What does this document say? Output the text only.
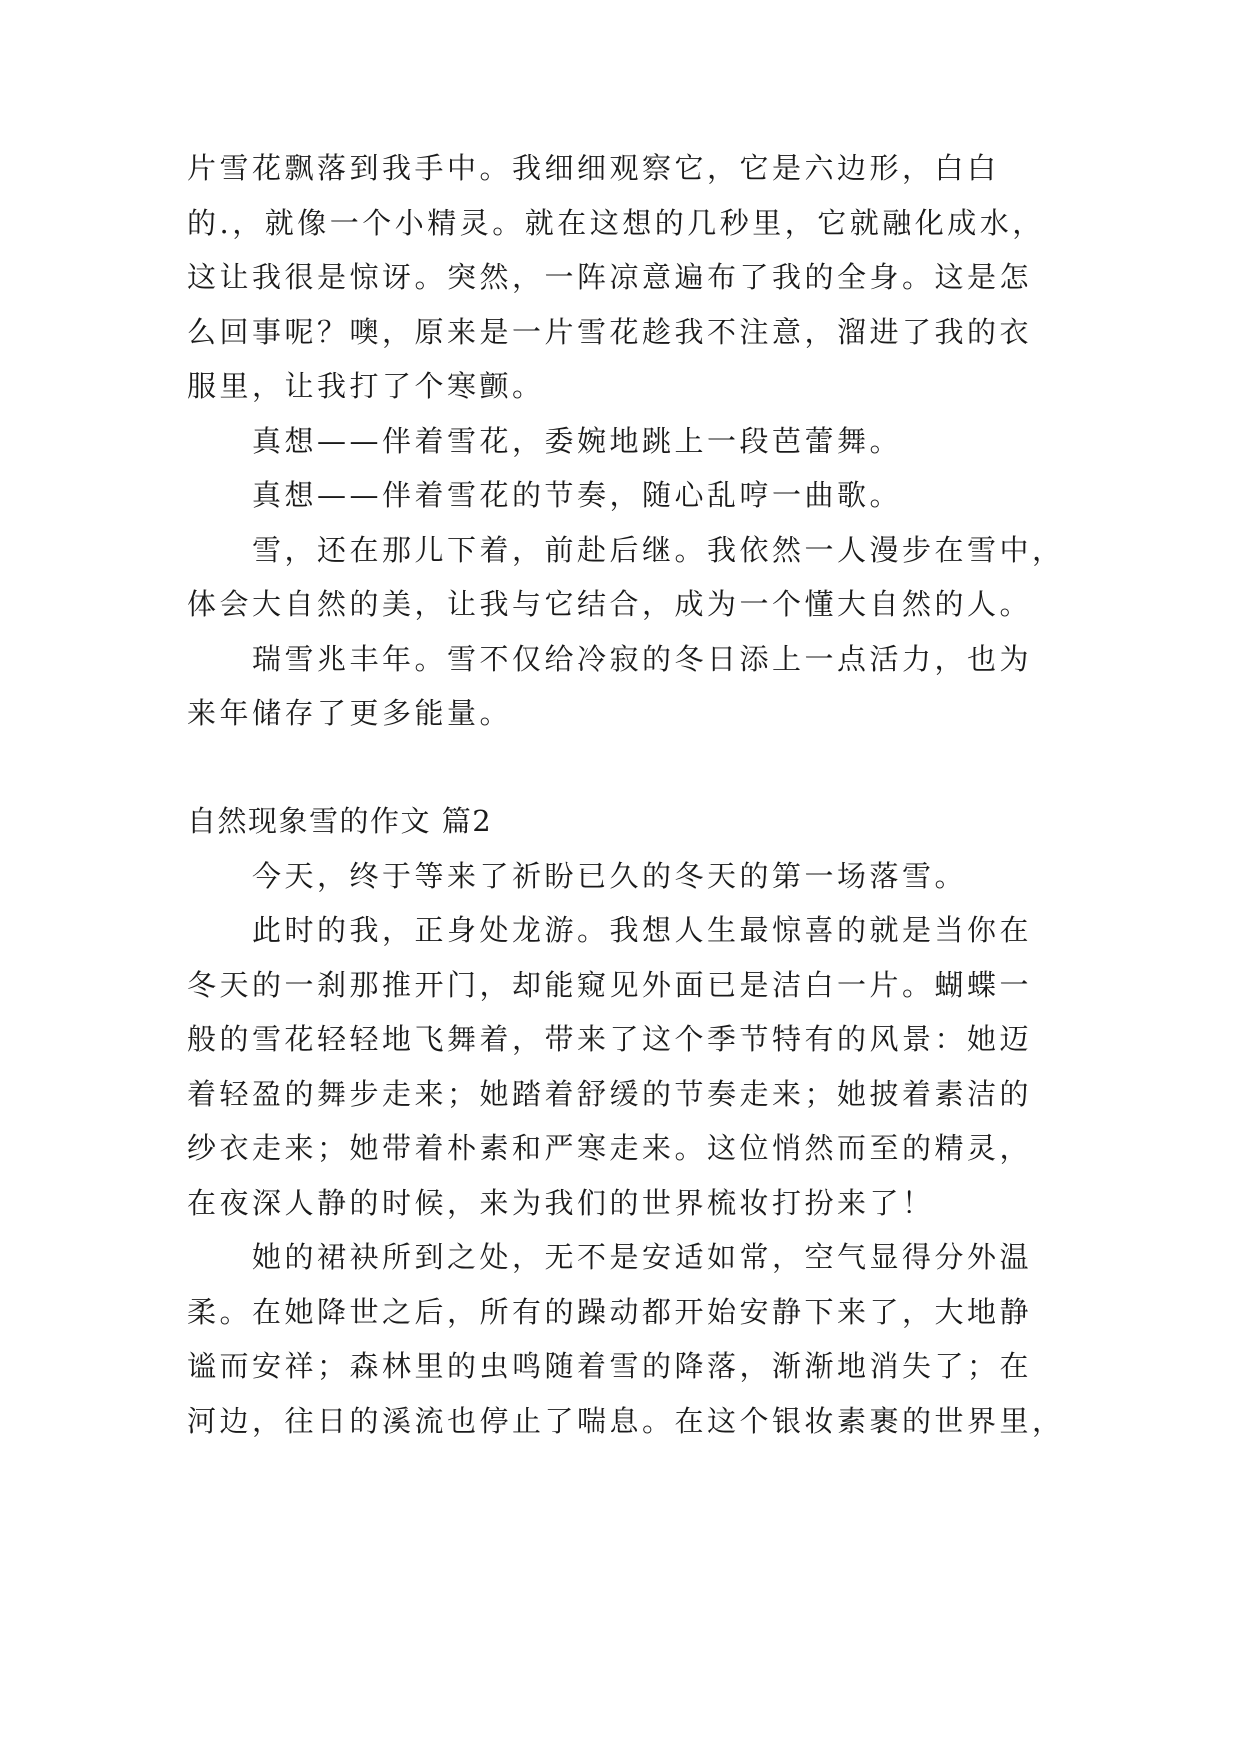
片雪花飘落到我手中。我细细观察它，它是六边形，白白
的.，就像一个小精灵。就在这想的几秒里，它就融化成水，
这让我很是惊讶。突然，一阵凉意遍布了我的全身。这是怎
么回事呢？噢，原来是一片雪花趁我不注意，溜进了我的衣
服里，让我打了个寒颤。
真想——伴着雪花，委婉地跳上一段芭蕾舞。
真想——伴着雪花的节奏，随心乱哼一曲歌。
雪，还在那儿下着，前赴后继。我依然一人漫步在雪中，
体会大自然的美，让我与它结合，成为一个懂大自然的人。
瑞雪兆丰年。雪不仅给冷寂的冬日添上一点活力，也为
来年储存了更多能量。
自然现象雪的作文 篇2
今天，终于等来了祈盼已久的冬天的第一场落雪。
此时的我，正身处龙游。我想人生最惊喜的就是当你在
冬天的一刹那推开门，却能窥见外面已是洁白一片。蝴蝶一
般的雪花轻轻地飞舞着，带来了这个季节特有的风景：她迈
着轻盈的舞步走来；她踏着舒缓的节奏走来；她披着素洁的
纱衣走来；她带着朴素和严寒走来。这位悄然而至的精灵，
在夜深人静的时候，来为我们的世界梳妆打扮来了！
她的裙袂所到之处，无不是安适如常，空气显得分外温
柔。在她降世之后，所有的躁动都开始安静下来了，大地静
谧而安祥；森林里的虫鸣随着雪的降落，渐渐地消失了；在
河边，往日的溪流也停止了喘息。在这个银妆素裹的世界里，
